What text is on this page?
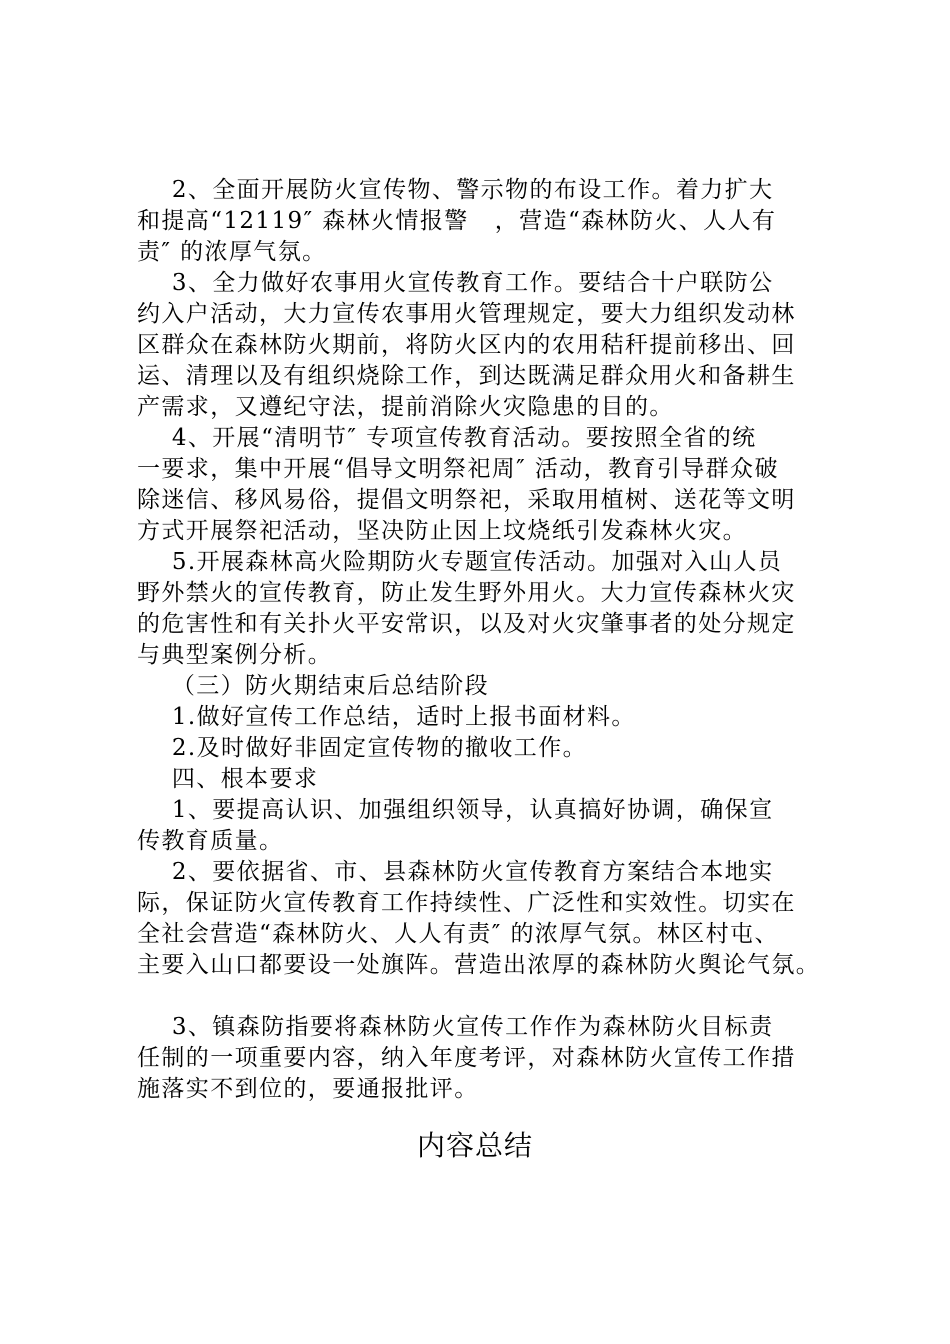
2、全面开展防火宣传物、警示物的布设工作。着力扩大
和提高“12119″ 森林火情报警   ，营造“森林防火、人人有
责″ 的浓厚气氛。
3、全力做好农事用火宣传教育工作。要结合十户联防公
约入户活动，大力宣传农事用火管理规定，要大力组织发动林
区群众在森林防火期前，将防火区内的农用秸秆提前移出、回
运、清理以及有组织烧除工作，到达既满足群众用火和备耕生
产需求，又遵纪守法，提前消除火灾隐患的目的。
4、开展“清明节″ 专项宣传教育活动。要按照全省的统
一要求，集中开展“倡导文明祭祀周″ 活动，教育引导群众破
除迷信、移风易俗，提倡文明祭祀，采取用植树、送花等文明
方式开展祭祀活动，坚决防止因上坟烧纸引发森林火灾。
5.开展森林高火险期防火专题宣传活动。加强对入山人员
野外禁火的宣传教育，防止发生野外用火。大力宣传森林火灾
的危害性和有关扑火平安常识，以及对火灾肇事者的处分规定
与典型案例分析。
（三）防火期结束后总结阶段
1.做好宣传工作总结，适时上报书面材料。
2.及时做好非固定宣传物的撤收工作。
四、根本要求
1、要提高认识、加强组织领导，认真搞好协调，确保宣
传教育质量。
2、要依据省、市、县森林防火宣传教育方案结合本地实
际，保证防火宣传教育工作持续性、广泛性和实效性。切实在
全社会营造“森林防火、人人有责″ 的浓厚气氛。林区村屯、
主要入山口都要设一处旗阵。营造出浓厚的森林防火舆论气氛。
3、镇森防指要将森林防火宣传工作作为森林防火目标责
任制的一项重要内容，纳入年度考评，对森林防火宣传工作措
施落实不到位的，要通报批评。
内容总结
